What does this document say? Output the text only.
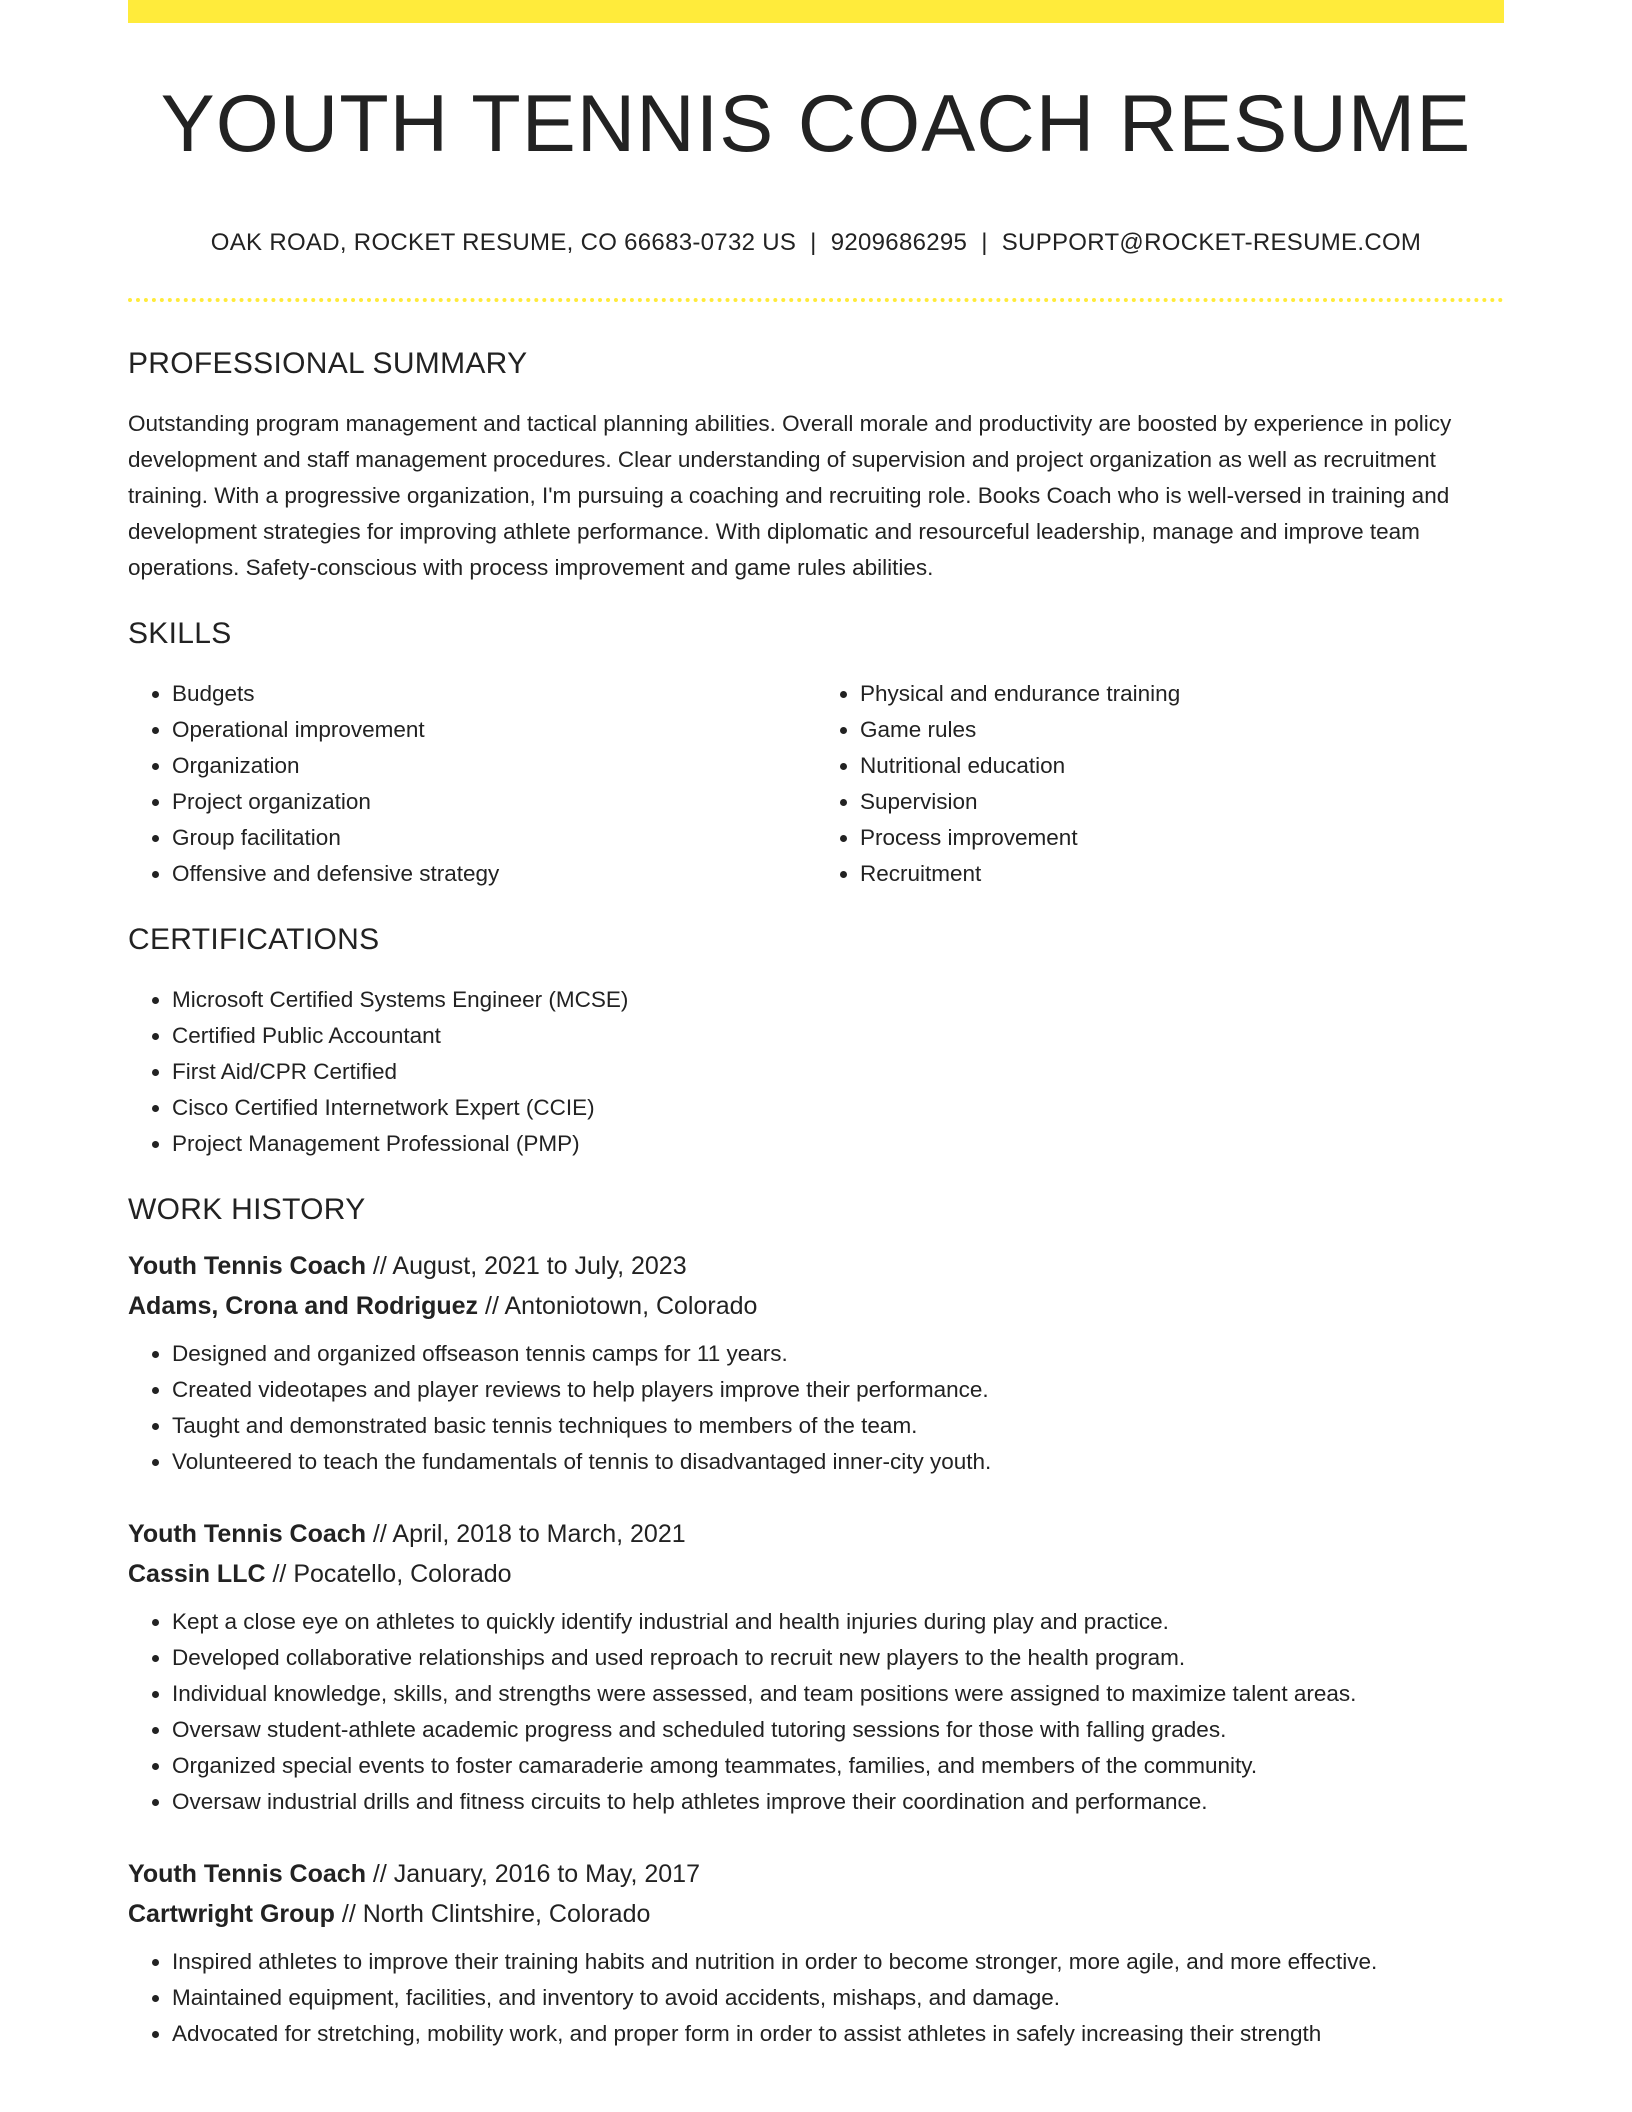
YOUTH TENNIS COACH RESUME
OAK ROAD, ROCKET RESUME, CO 66683-0732 US | 9209686295 | SUPPORT@ROCKET-RESUME.COM
PROFESSIONAL SUMMARY

Outstanding program management and tactical planning abilities. Overall morale and productivity are boosted by experience in policy development and staff management procedures. Clear understanding of supervision and project organization as well as recruitment training. With a progressive organization, I'm pursuing a coaching and recruiting role. Books Coach who is well-versed in training and development strategies for improving athlete performance. With diplomatic and resourceful leadership, manage and improve team operations. Safety-conscious with process improvement and game rules abilities.

SKILLS
• Budgets
• Operational improvement
• Organization
• Project organization
• Group facilitation
• Offensive and defensive strategy
• Physical and endurance training
• Game rules
• Nutritional education
• Supervision
• Process improvement
• Recruitment
CERTIFICATIONS
• Microsoft Certified Systems Engineer (MCSE)
• Certified Public Accountant
• First Aid/CPR Certified
• Cisco Certified Internetwork Expert (CCIE)
• Project Management Professional (PMP)
WORK HISTORY
Youth Tennis Coach // August, 2021 to July, 2023
Adams, Crona and Rodriguez // Antoniotown, Colorado
• Designed and organized offseason tennis camps for 11 years.
• Created videotapes and player reviews to help players improve their performance.
• Taught and demonstrated basic tennis techniques to members of the team.
• Volunteered to teach the fundamentals of tennis to disadvantaged inner-city youth.
Youth Tennis Coach // April, 2018 to March, 2021
Cassin LLC // Pocatello, Colorado
• Kept a close eye on athletes to quickly identify industrial and health injuries during play and practice.
• Developed collaborative relationships and used reproach to recruit new players to the health program.
• Individual knowledge, skills, and strengths were assessed, and team positions were assigned to maximize talent areas.
• Oversaw student-athlete academic progress and scheduled tutoring sessions for those with falling grades.
• Organized special events to foster camaraderie among teammates, families, and members of the community.
• Oversaw industrial drills and fitness circuits to help athletes improve their coordination and performance.
Youth Tennis Coach // January, 2016 to May, 2017
Cartwright Group // North Clintshire, Colorado
• Inspired athletes to improve their training habits and nutrition in order to become stronger, more agile, and more effective.
• Maintained equipment, facilities, and inventory to avoid accidents, mishaps, and damage.
• Advocated for stretching, mobility work, and proper form in order to assist athletes in safely increasing their strength
